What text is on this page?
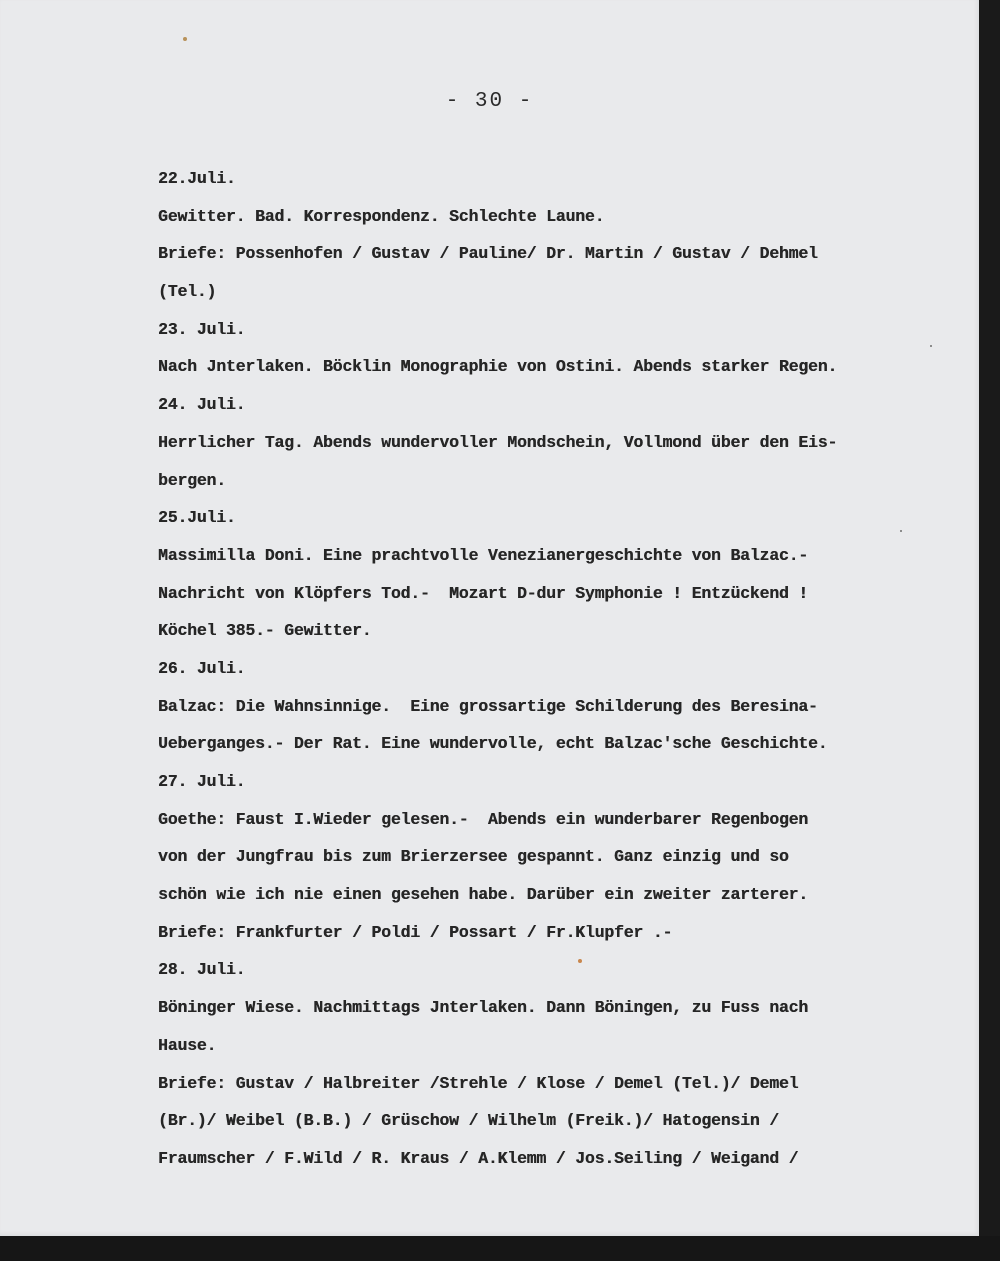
- 30 -
22.Juli.
Gewitter. Bad. Korrespondenz. Schlechte Laune.
Briefe: Possenhofen / Gustav / Pauline/ Dr. Martin / Gustav / Dehmel
(Tel.)
23. Juli.
Nach Jnterlaken. Böcklin Monographie von Ostini. Abends starker Regen.
24. Juli.
Herrlicher Tag. Abends wundervoller Mondschein, Vollmond über den Eis-
bergen.
25.Juli.
Massimilla Doni. Eine prachtvolle Venezianergeschichte von Balzac.-
Nachricht von Klöpfers Tod.-  Mozart D-dur Symphonie ! Entzückend !
Köchel 385.- Gewitter.
26. Juli.
Balzac: Die Wahnsinnige.  Eine grossartige Schilderung des Beresina-
Ueberganges.- Der Rat. Eine wundervolle, echt Balzac'sche Geschichte.
27. Juli.
Goethe: Faust I.Wieder gelesen.-  Abends ein wunderbarer Regenbogen
von der Jungfrau bis zum Brierzersee gespannt. Ganz einzig und so
schön wie ich nie einen gesehen habe. Darüber ein zweiter zarterer.
Briefe: Frankfurter / Poldi / Possart / Fr.Klupfer .-
28. Juli.
Böninger Wiese. Nachmittags Jnterlaken. Dann Böningen, zu Fuss nach
Hause.
Briefe: Gustav / Halbreiter /Strehle / Klose / Demel (Tel.)/ Demel
(Br.)/ Weibel (B.B.) / Grüschow / Wilhelm (Freik.)/ Hatogensin /
Fraumscher / F.Wild / R. Kraus / A.Klemm / Jos.Seiling / Weigand /
